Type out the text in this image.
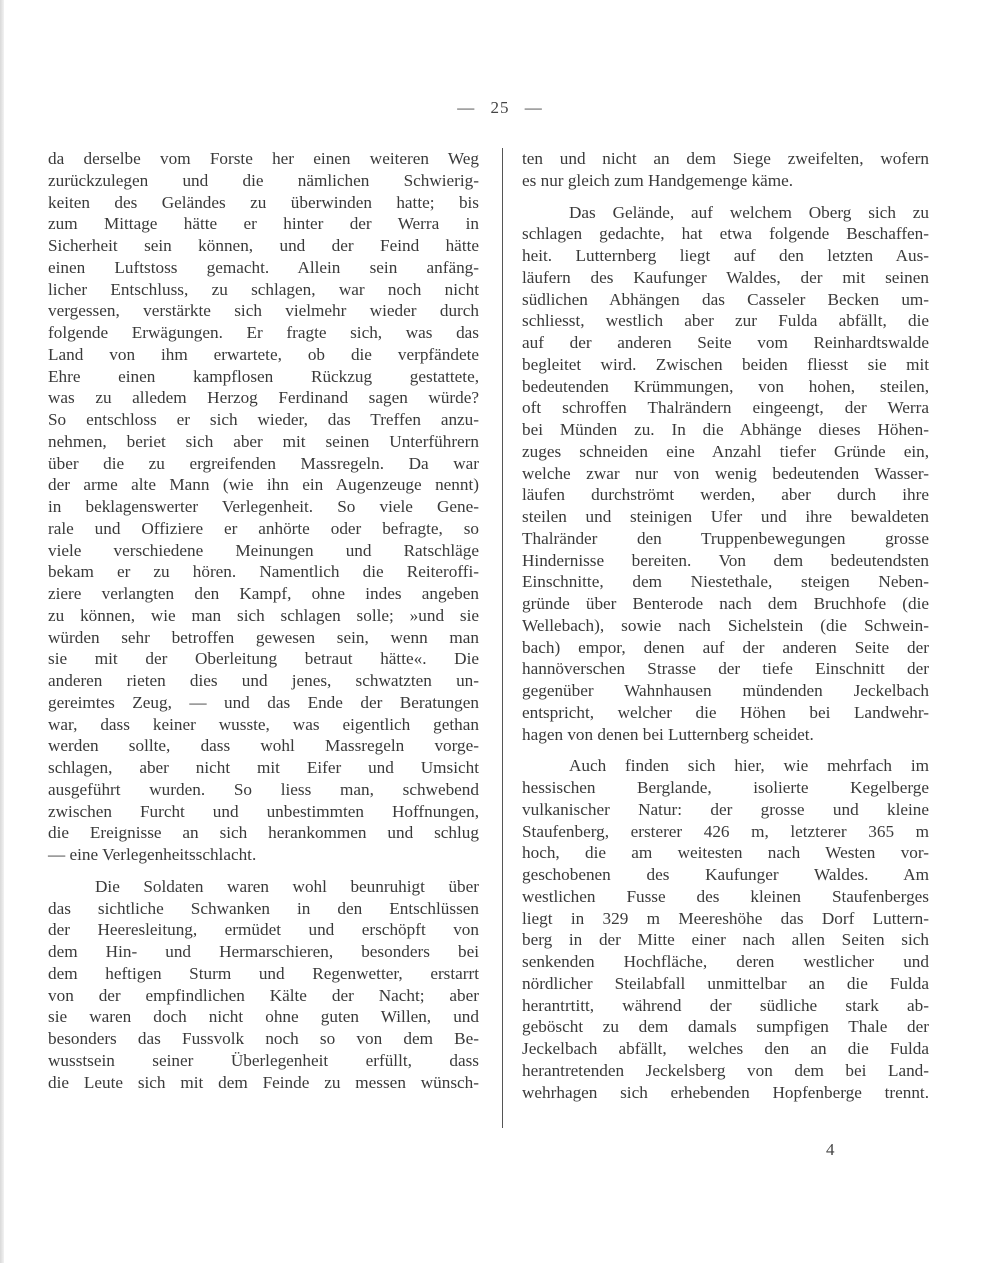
— 25 —
da derselbe vom Forste her einen weiteren Weg
zurückzulegen und die nämlichen Schwierig-
keiten des Geländes zu überwinden hatte; bis
zum Mittage hätte er hinter der Werra in
Sicherheit sein können, und der Feind hätte
einen Luftstoss gemacht. Allein sein anfäng-
licher Entschluss, zu schlagen, war noch nicht
vergessen, verstärkte sich vielmehr wieder durch
folgende Erwägungen. Er fragte sich, was das
Land von ihm erwartete, ob die verpfändete
Ehre einen kampflosen Rückzug gestattete,
was zu alledem Herzog Ferdinand sagen würde?
So entschloss er sich wieder, das Treffen anzu-
nehmen, beriet sich aber mit seinen Unterführern
über die zu ergreifenden Massregeln. Da war
der arme alte Mann (wie ihn ein Augenzeuge nennt)
in beklagenswerter Verlegenheit. So viele Gene-
rale und Offiziere er anhörte oder befragte, so
viele verschiedene Meinungen und Ratschläge
bekam er zu hören. Namentlich die Reiteroffi-
ziere verlangten den Kampf, ohne indes angeben
zu können, wie man sich schlagen solle; »und sie
würden sehr betroffen gewesen sein, wenn man
sie mit der Oberleitung betraut hätte«. Die
anderen rieten dies und jenes, schwatzten un-
gereimtes Zeug, — und das Ende der Beratungen
war, dass keiner wusste, was eigentlich gethan
werden sollte, dass wohl Massregeln vorge-
schlagen, aber nicht mit Eifer und Umsicht
ausgeführt wurden. So liess man, schwebend
zwischen Furcht und unbestimmten Hoffnungen,
die Ereignisse an sich herankommen und schlug
— eine Verlegenheitsschlacht.
Die Soldaten waren wohl beunruhigt über
das sichtliche Schwanken in den Entschlüssen
der Heeresleitung, ermüdet und erschöpft von
dem Hin- und Hermarschieren, besonders bei
dem heftigen Sturm und Regenwetter, erstarrt
von der empfindlichen Kälte der Nacht; aber
sie waren doch nicht ohne guten Willen, und
besonders das Fussvolk noch so von dem Be-
wusstsein seiner Überlegenheit erfüllt, dass
die Leute sich mit dem Feinde zu messen wünsch-
ten und nicht an dem Siege zweifelten, wofern
es nur gleich zum Handgemenge käme.
Das Gelände, auf welchem Oberg sich zu
schlagen gedachte, hat etwa folgende Beschaffen-
heit. Lutternberg liegt auf den letzten Aus-
läufern des Kaufunger Waldes, der mit seinen
südlichen Abhängen das Casseler Becken um-
schliesst, westlich aber zur Fulda abfällt, die
auf der anderen Seite vom Reinhardtswalde
begleitet wird. Zwischen beiden fliesst sie mit
bedeutenden Krümmungen, von hohen, steilen,
oft schroffen Thalrändern eingeengt, der Werra
bei Münden zu. In die Abhänge dieses Höhen-
zuges schneiden eine Anzahl tiefer Gründe ein,
welche zwar nur von wenig bedeutenden Wasser-
läufen durchströmt werden, aber durch ihre
steilen und steinigen Ufer und ihre bewaldeten
Thalränder den Truppenbewegungen grosse
Hindernisse bereiten. Von dem bedeutendsten
Einschnitte, dem Niestethale, steigen Neben-
gründe über Benterode nach dem Bruchhofe (die
Wellebach), sowie nach Sichelstein (die Schwein-
bach) empor, denen auf der anderen Seite der
hannöverschen Strasse der tiefe Einschnitt der
gegenüber Wahnhausen mündenden Jeckelbach
entspricht, welcher die Höhen bei Landwehr-
hagen von denen bei Lutternberg scheidet.
Auch finden sich hier, wie mehrfach im
hessischen Berglande, isolierte Kegelberge
vulkanischer Natur: der grosse und kleine
Staufenberg, ersterer 426 m, letzterer 365 m
hoch, die am weitesten nach Westen vor-
geschobenen des Kaufunger Waldes. Am
westlichen Fusse des kleinen Staufenberges
liegt in 329 m Meereshöhe das Dorf Luttern-
berg in der Mitte einer nach allen Seiten sich
senkenden Hochfläche, deren westlicher und
nördlicher Steilabfall unmittelbar an die Fulda
herantrtitt, während der südliche stark ab-
geböscht zu dem damals sumpfigen Thale der
Jeckelbach abfällt, welches den an die Fulda
herantretenden Jeckelsberg von dem bei Land-
wehrhagen sich erhebenden Hopfenberge trennt.
4
